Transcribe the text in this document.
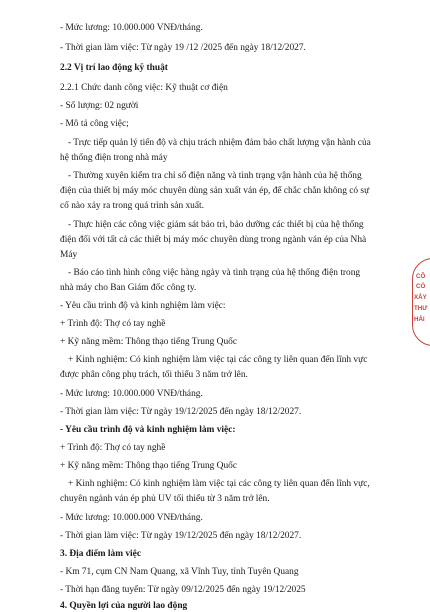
- Mức lương: 10.000.000 VNĐ/tháng.
- Thời gian làm việc: Từ ngày 19 /12 /2025 đến ngày 18/12/2027.
2.2 Vị trí lao động kỹ thuật
2.2.1 Chức danh công việc: Kỹ thuật cơ điện
- Số lượng: 02 người
- Mô tả công việc;
- Trực tiếp quản lý tiến độ và chịu trách nhiệm đảm bảo chất lượng vận hành của
hệ thống điện trong nhà máy
- Thường xuyên kiểm tra chỉ số điện năng và tình trạng vận hành của hệ thống
điện của thiết bị máy móc chuyên dùng sản xuất ván ép, để chắc chắn không có sự
cố nào xảy ra trong quá trình sản xuất.
- Thực hiện các công việc giám sát bảo trì, bảo dưỡng các thiết bị của hệ thống
điện đối với tất cả các thiết bị máy móc chuyên dùng trong ngành ván ép của Nhà
Máy
- Báo cáo tình hình công việc hàng ngày và tình trạng của hệ thống điện trong
nhà máy cho Ban Giám đốc công ty.
- Yêu cầu trình độ và kinh nghiệm làm việc:
+ Trình độ: Thợ có tay nghề
+ Kỹ năng mềm: Thông thạo tiếng Trung Quốc
+ Kinh nghiệm: Có kinh nghiệm làm việc tại các công ty liên quan đến lĩnh vực
được phân công phụ trách, tối thiểu 3 năm trở lên.
- Mức lương: 10.000.000 VNĐ/tháng.
- Thời gian làm việc: Từ ngày 19/12/2025 đến ngày 18/12/2027.
- Yêu cầu trình độ và kinh nghiệm làm việc:
+ Trình độ: Thợ có tay nghề
+ Kỹ năng mềm: Thông thạo tiếng Trung Quốc
+ Kinh nghiệm: Có kinh nghiệm làm việc tại các công ty liên quan đến lĩnh vực,
chuyên ngành ván ép phủ UV tối thiểu từ 3 năm trở lên.
- Mức lương: 10.000.000 VNĐ/tháng.
- Thời gian làm việc: Từ ngày 19/12/2025 đến ngày 18/12/2027.
3. Địa điểm làm việc
- Km 71, cụm CN Nam Quang, xã Vĩnh Tuy, tỉnh Tuyên Quang
- Thời hạn đăng tuyển: Từ ngày 09/12/2025 đến ngày 19/12/2025
4. Quyền lợi của người lao động
CÔ
CÓ
XÂY
THƯ
HẢI
